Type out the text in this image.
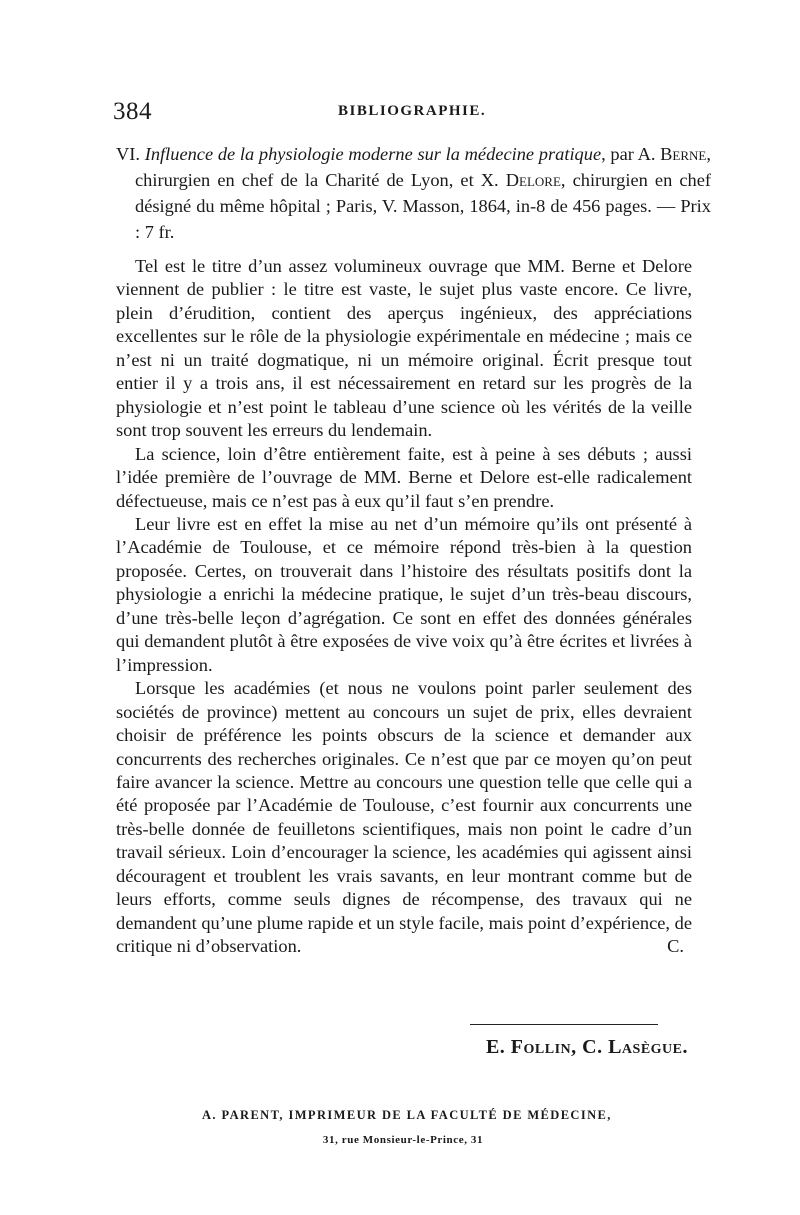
384	BIBLIOGRAPHIE.

VI. Influence de la physiologie moderne sur la médecine pratique, par A. Berne, chirurgien en chef de la Charité de Lyon, et X. Delore, chirurgien en chef désigné du même hôpital ; Paris, V. Masson, 1864, in-8 de 456 pages. — Prix : 7 fr.

Tel est le titre d’un assez volumineux ouvrage que MM. Berne et Delore viennent de publier : le titre est vaste, le sujet plus vaste encore. Ce livre, plein d’érudition, contient des aperçus ingénieux, des appréciations excellentes sur le rôle de la physiologie expérimentale en médecine ; mais ce n’est ni un traité dogmatique, ni un mémoire original. Écrit presque tout entier il y a trois ans, il est nécessairement en retard sur les progrès de la physiologie et n’est point le tableau d’une science où les vérités de la veille sont trop souvent les erreurs du lendemain.

La science, loin d’être entièrement faite, est à peine à ses débuts ; aussi l’idée première de l’ouvrage de MM. Berne et Delore est-elle radicalement défectueuse, mais ce n’est pas à eux qu’il faut s’en prendre.

Leur livre est en effet la mise au net d’un mémoire qu’ils ont présenté à l’Académie de Toulouse, et ce mémoire répond très-bien à la question proposée. Certes, on trouverait dans l’histoire des résultats positifs dont la physiologie a enrichi la médecine pratique, le sujet d’un très-beau discours, d’une très-belle leçon d’agrégation. Ce sont en effet des données générales qui demandent plutôt à être exposées de vive voix qu’à être écrites et livrées à l’impression.

Lorsque les académies (et nous ne voulons point parler seulement des sociétés de province) mettent au concours un sujet de prix, elles devraient choisir de préférence les points obscurs de la science et demander aux concurrents des recherches originales. Ce n’est que par ce moyen qu’on peut faire avancer la science. Mettre au concours une question telle que celle qui a été proposée par l’Académie de Toulouse, c’est fournir aux concurrents une très-belle donnée de feuilletons scientifiques, mais non point le cadre d’un travail sérieux. Loin d’encourager la science, les académies qui agissent ainsi découragent et troublent les vrais savants, en leur montrant comme but de leurs efforts, comme seuls dignes de récompense, des travaux qui ne demandent qu’une plume rapide et un style facile, mais point d’expérience, de critique ni d’observation.	C.

E. Follin, C. Lasègue.
A. PARENT, IMPRIMEUR DE LA FACULTÉ DE MÉDECINE,
31, rue Monsieur-le-Prince, 31
